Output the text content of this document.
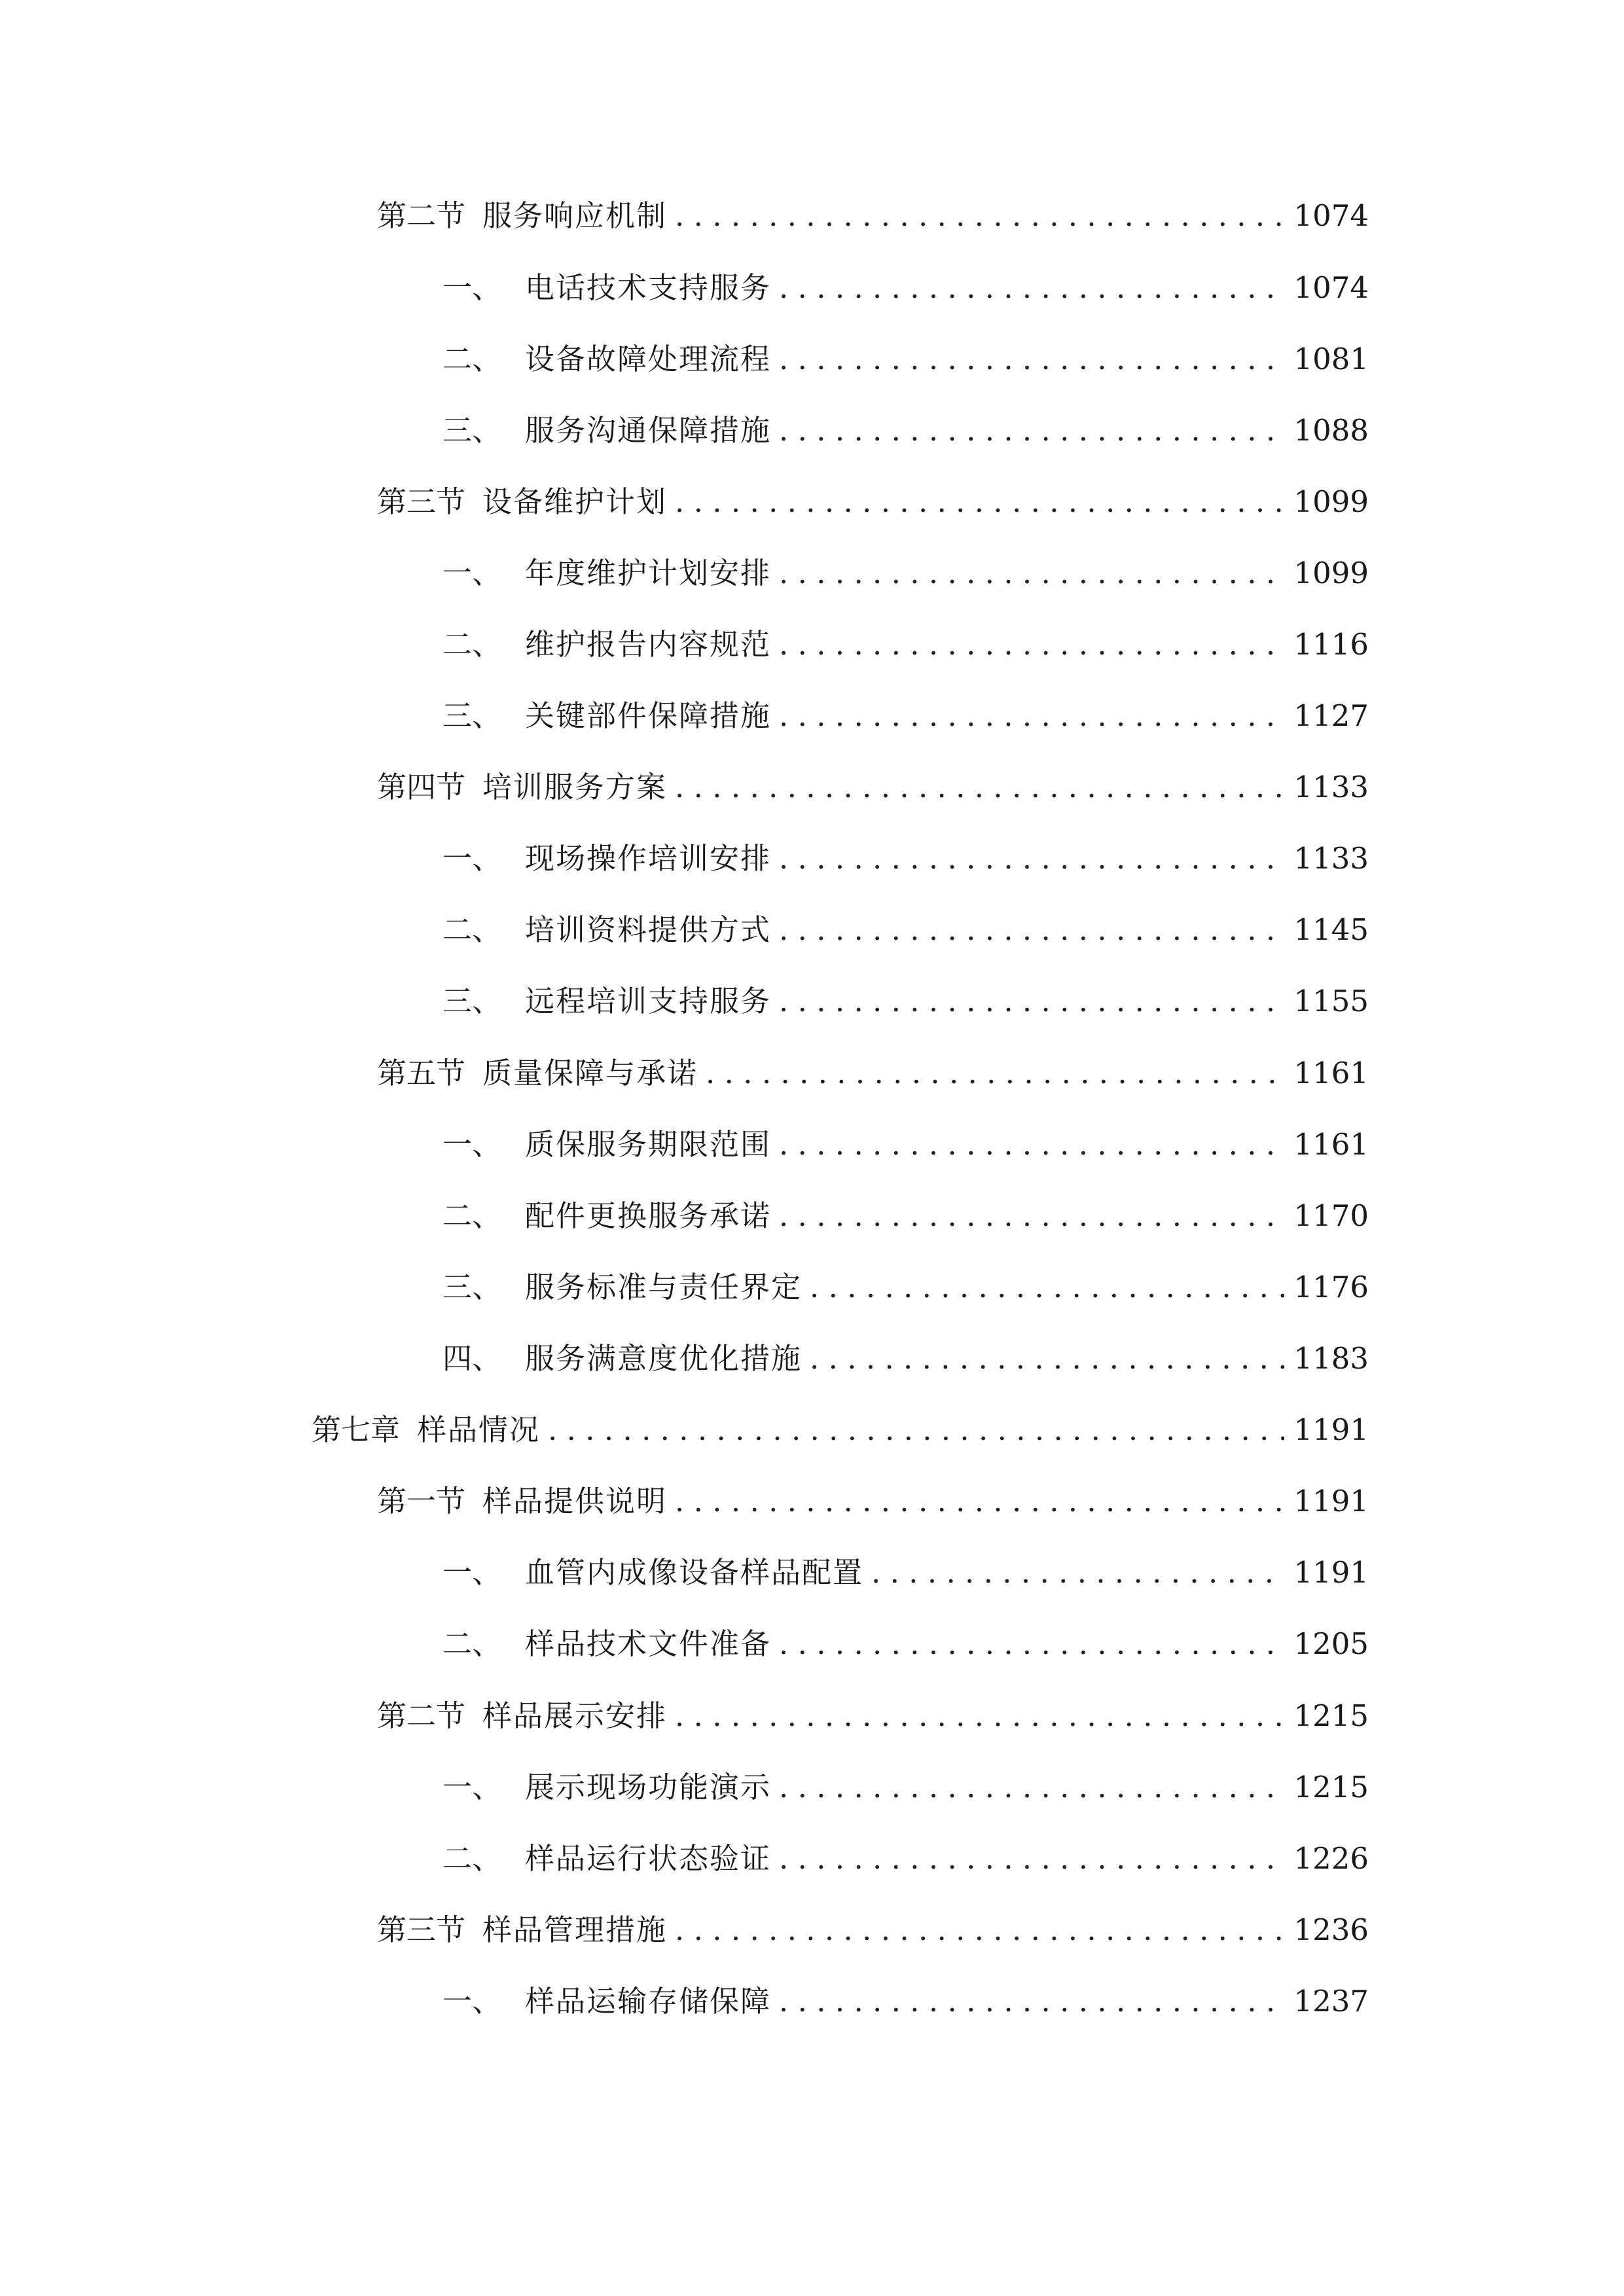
第二节 服务响应机制 . . .	1074
一、 电话技术支持服务 . . .	1074
二、 设备故障处理流程 . . .	1081
三、 服务沟通保障措施 . . .	1088
第三节 设备维护计划 . . .	1099
一、 年度维护计划安排 . . .	1099
二、 维护报告内容规范 . . .	1116
三、 关键部件保障措施 . . .	1127
第四节 培训服务方案 . . .	1133
一、 现场操作培训安排 . . .	1133
二、 培训资料提供方式 . . .	1145
三、 远程培训支持服务 . . .	1155
第五节 质量保障与承诺 . . .	1161
一、 质保服务期限范围 . . .	1161
二、 配件更换服务承诺 . . .	1170
三、 服务标准与责任界定 . . .	1176
四、 服务满意度优化措施 . . .	1183
第七章 样品情况 . . .	1191
第一节 样品提供说明 . . .	1191
一、 血管内成像设备样品配置 . . .	1191
二、 样品技术文件准备 . . .	1205
第二节 样品展示安排 . . .	1215
一、 展示现场功能演示 . . .	1215
二、 样品运行状态验证 . . .	1226
第三节 样品管理措施 . . .	1236
一、 样品运输存储保障 . . .	1237
